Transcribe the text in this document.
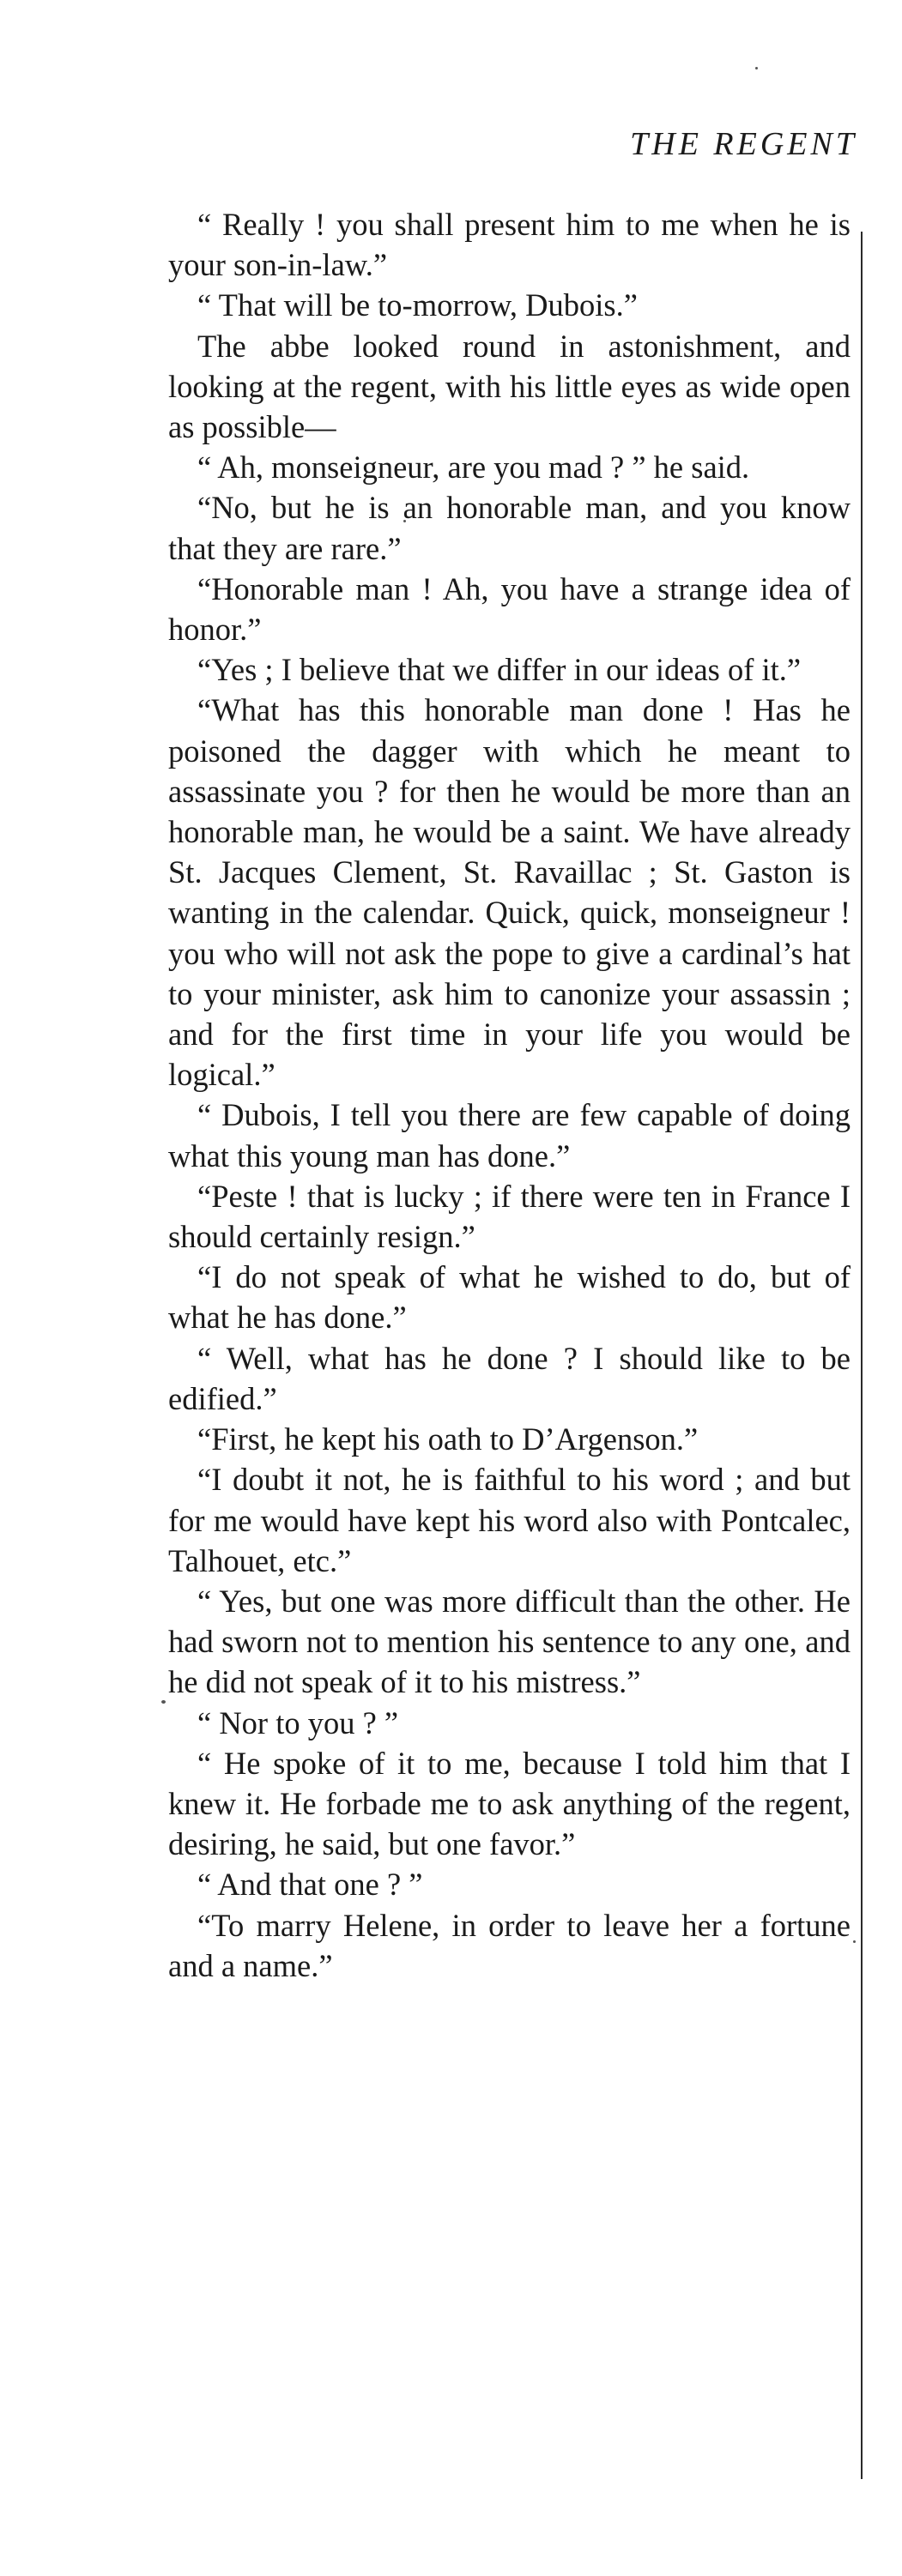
THE REGENT

“ Really ! you shall present him to me when he is your son-in-law.”

“ That will be to-morrow, Dubois.”

The abbe looked round in astonishment, and looking at the regent, with his little eyes as wide open as possible—

“ Ah, monseigneur, are you mad ? ” he said.

“No, but he is an honorable man, and you know that they are rare.”

“Honorable man ! Ah, you have a strange idea of honor.”

“Yes ; I believe that we differ in our ideas of it.”

“What has this honorable man done ! Has he poisoned the dagger with which he meant to assassinate you ? for then he would be more than an honorable man, he would be a saint. We have already St. Jacques Clement, St. Ravaillac ; St. Gaston is wanting in the calendar. Quick, quick, monseigneur ! you who will not ask the pope to give a cardinal’s hat to your minister, ask him to canonize your assassin ; and for the first time in your life you would be logical.”

“ Dubois, I tell you there are few capable of doing what this young man has done.”

“Peste ! that is lucky ; if there were ten in France I should certainly resign.”

“I do not speak of what he wished to do, but of what he has done.”

“ Well, what has he done ? I should like to be edified.”

“First, he kept his oath to D’Argenson.”

“I doubt it not, he is faithful to his word ; and but for me would have kept his word also with Pontcalec, Talhouet, etc.”

“ Yes, but one was more difficult than the other. He had sworn not to mention his sentence to any one, and he did not speak of it to his mistress.”

“ Nor to you ? ”

“ He spoke of it to me, because I told him that I knew it. He forbade me to ask anything of the regent, desiring, he said, but one favor.”

“ And that one ? ”

“To marry Helene, in order to leave her a fortune and a name.”
